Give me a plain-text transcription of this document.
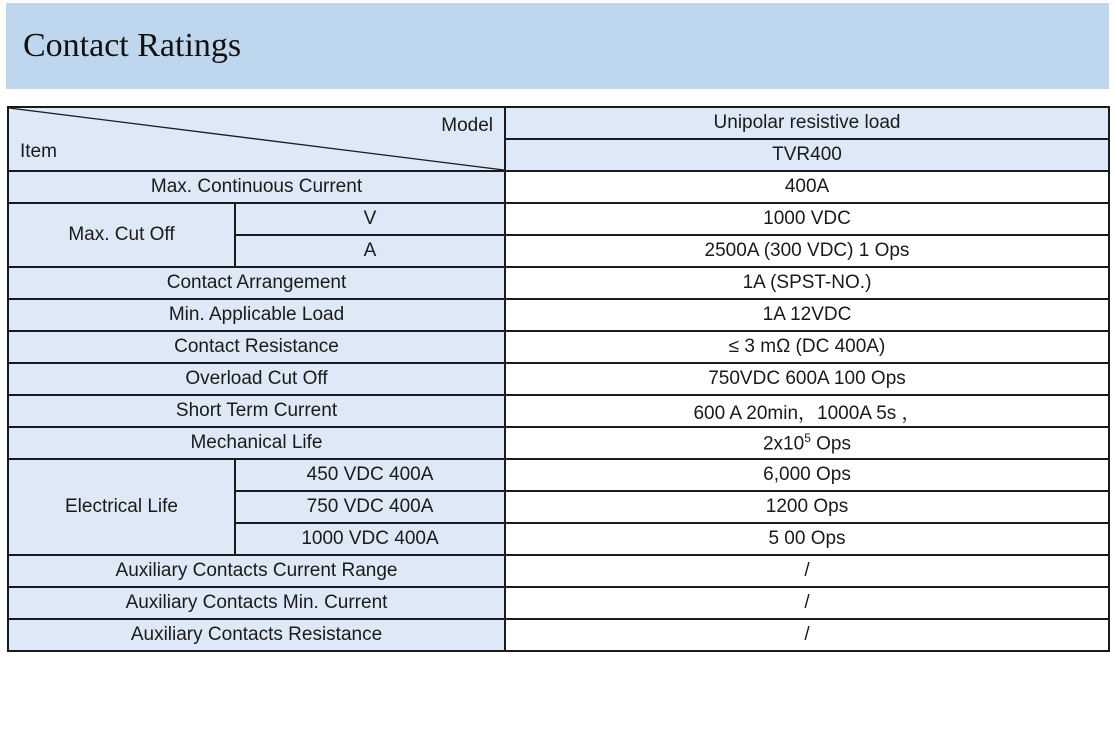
Contact Ratings
Model
Item		Unipolar resistive load
		TVR400
Max. Continuous Current		400A
Max. Cut Off	V	1000 VDC
	A	2500A (300 VDC) 1 Ops
Contact Arrangement		1A (SPST-NO.)
Min. Applicable Load		1A 12VDC
Contact Resistance		≤ 3 mΩ (DC 400A)
Overload Cut Off		750VDC 600A 100 Ops
Short Term Current		600 A 20min，1000A 5s ，
Mechanical Life		$2x10^5$ Ops
Electrical Life	450 VDC 400A	6,000 Ops
	750 VDC 400A	1200 Ops
	1000 VDC 400A	5 00 Ops
Auxiliary Contacts Current Range		/
Auxiliary Contacts Min. Current		/
Auxiliary Contacts Resistance		/
